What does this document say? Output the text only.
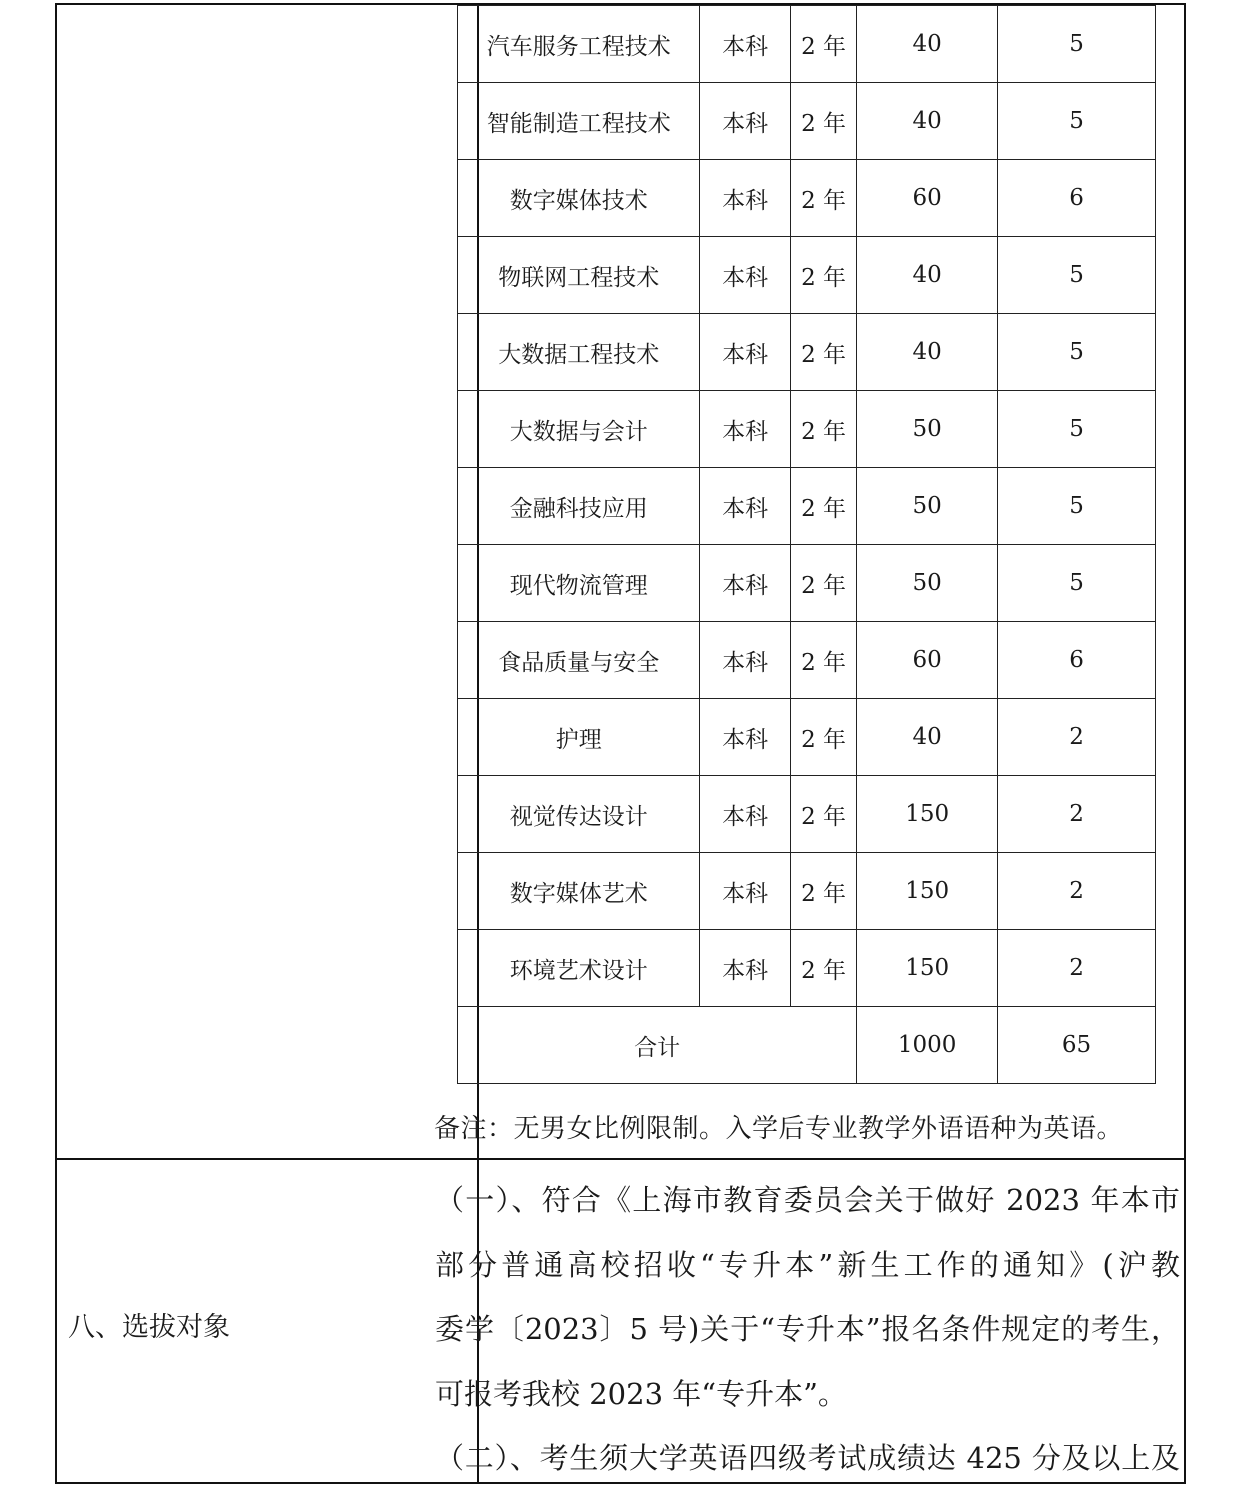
汽车服务工程技术	本科	2 年	40	5
智能制造工程技术	本科	2 年	40	5
数字媒体技术	本科	2 年	60	6
物联网工程技术	本科	2 年	40	5
大数据工程技术	本科	2 年	40	5
大数据与会计	本科	2 年	50	5
金融科技应用	本科	2 年	50	5
现代物流管理	本科	2 年	50	5
食品质量与安全	本科	2 年	60	6
护理	本科	2 年	40	2
视觉传达设计	本科	2 年	150	2
数字媒体艺术	本科	2 年	150	2
环境艺术设计	本科	2 年	150	2
合计			1000	65
备注：无男女比例限制。入学后专业教学外语语种为英语。
八、选拔对象
（一）、符合《上海市教育委员会关于做好 2023 年本市
部分普通高校招收“专升本”新生工作的通知》(沪教
委学〔2023〕5 号)关于“专升本”报名条件规定的考生，
可报考我校 2023 年“专升本”。
（二）、考生须大学英语四级考试成绩达 425 分及以上及
